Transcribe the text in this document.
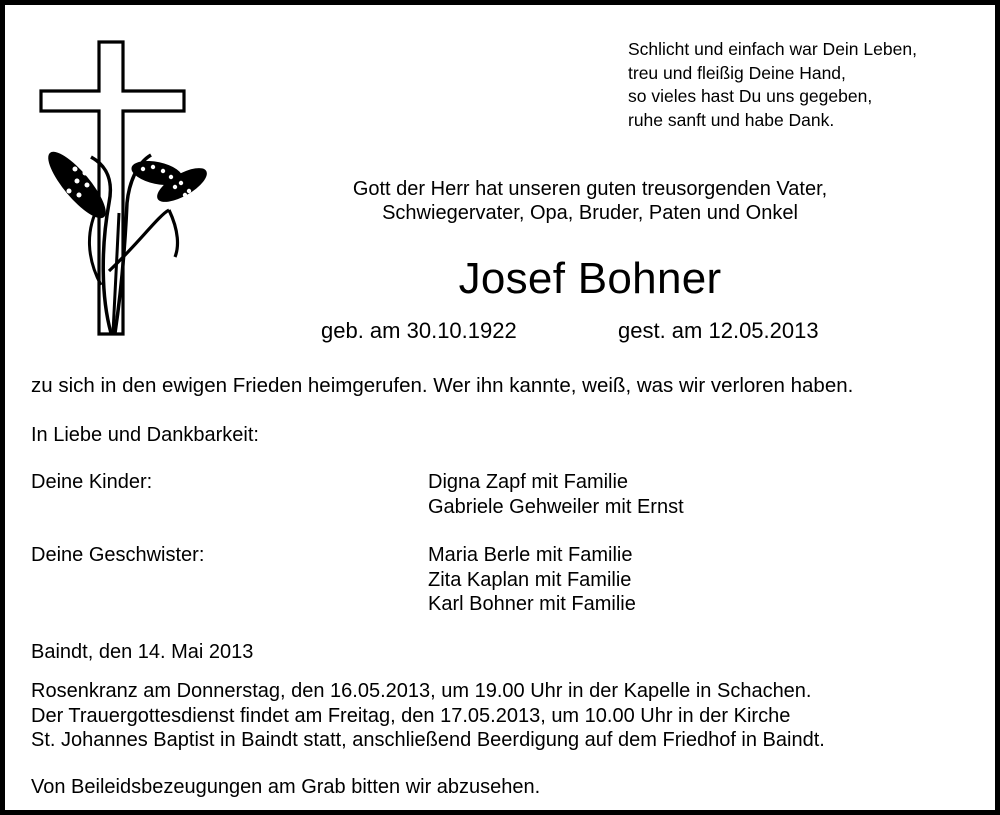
Schlicht und einfach war Dein Leben,
treu und fleißig Deine Hand,
so vieles hast Du uns gegeben,
ruhe sanft und habe Dank.
Gott der Herr hat unseren guten treusorgenden Vater,
Schwiegervater, Opa, Bruder, Paten und Onkel
Josef Bohner
geb. am 30.10.1922	gest. am 12.05.2013
zu sich in den ewigen Frieden heimgerufen. Wer ihn kannte, weiß, was wir verloren haben.
In Liebe und Dankbarkeit:
Deine Kinder:	Digna Zapf mit Familie
Gabriele Gehweiler mit Ernst
Deine Geschwister:	Maria Berle mit Familie
Zita Kaplan mit Familie
Karl Bohner mit Familie
Baindt, den 14. Mai 2013
Rosenkranz am Donnerstag, den 16.05.2013, um 19.00 Uhr in der Kapelle in Schachen.
Der Trauergottesdienst findet am Freitag, den 17.05.2013, um 10.00 Uhr in der Kirche
St. Johannes Baptist in Baindt statt, anschließend Beerdigung auf dem Friedhof in Baindt.
Von Beileidsbezeugungen am Grab bitten wir abzusehen.
